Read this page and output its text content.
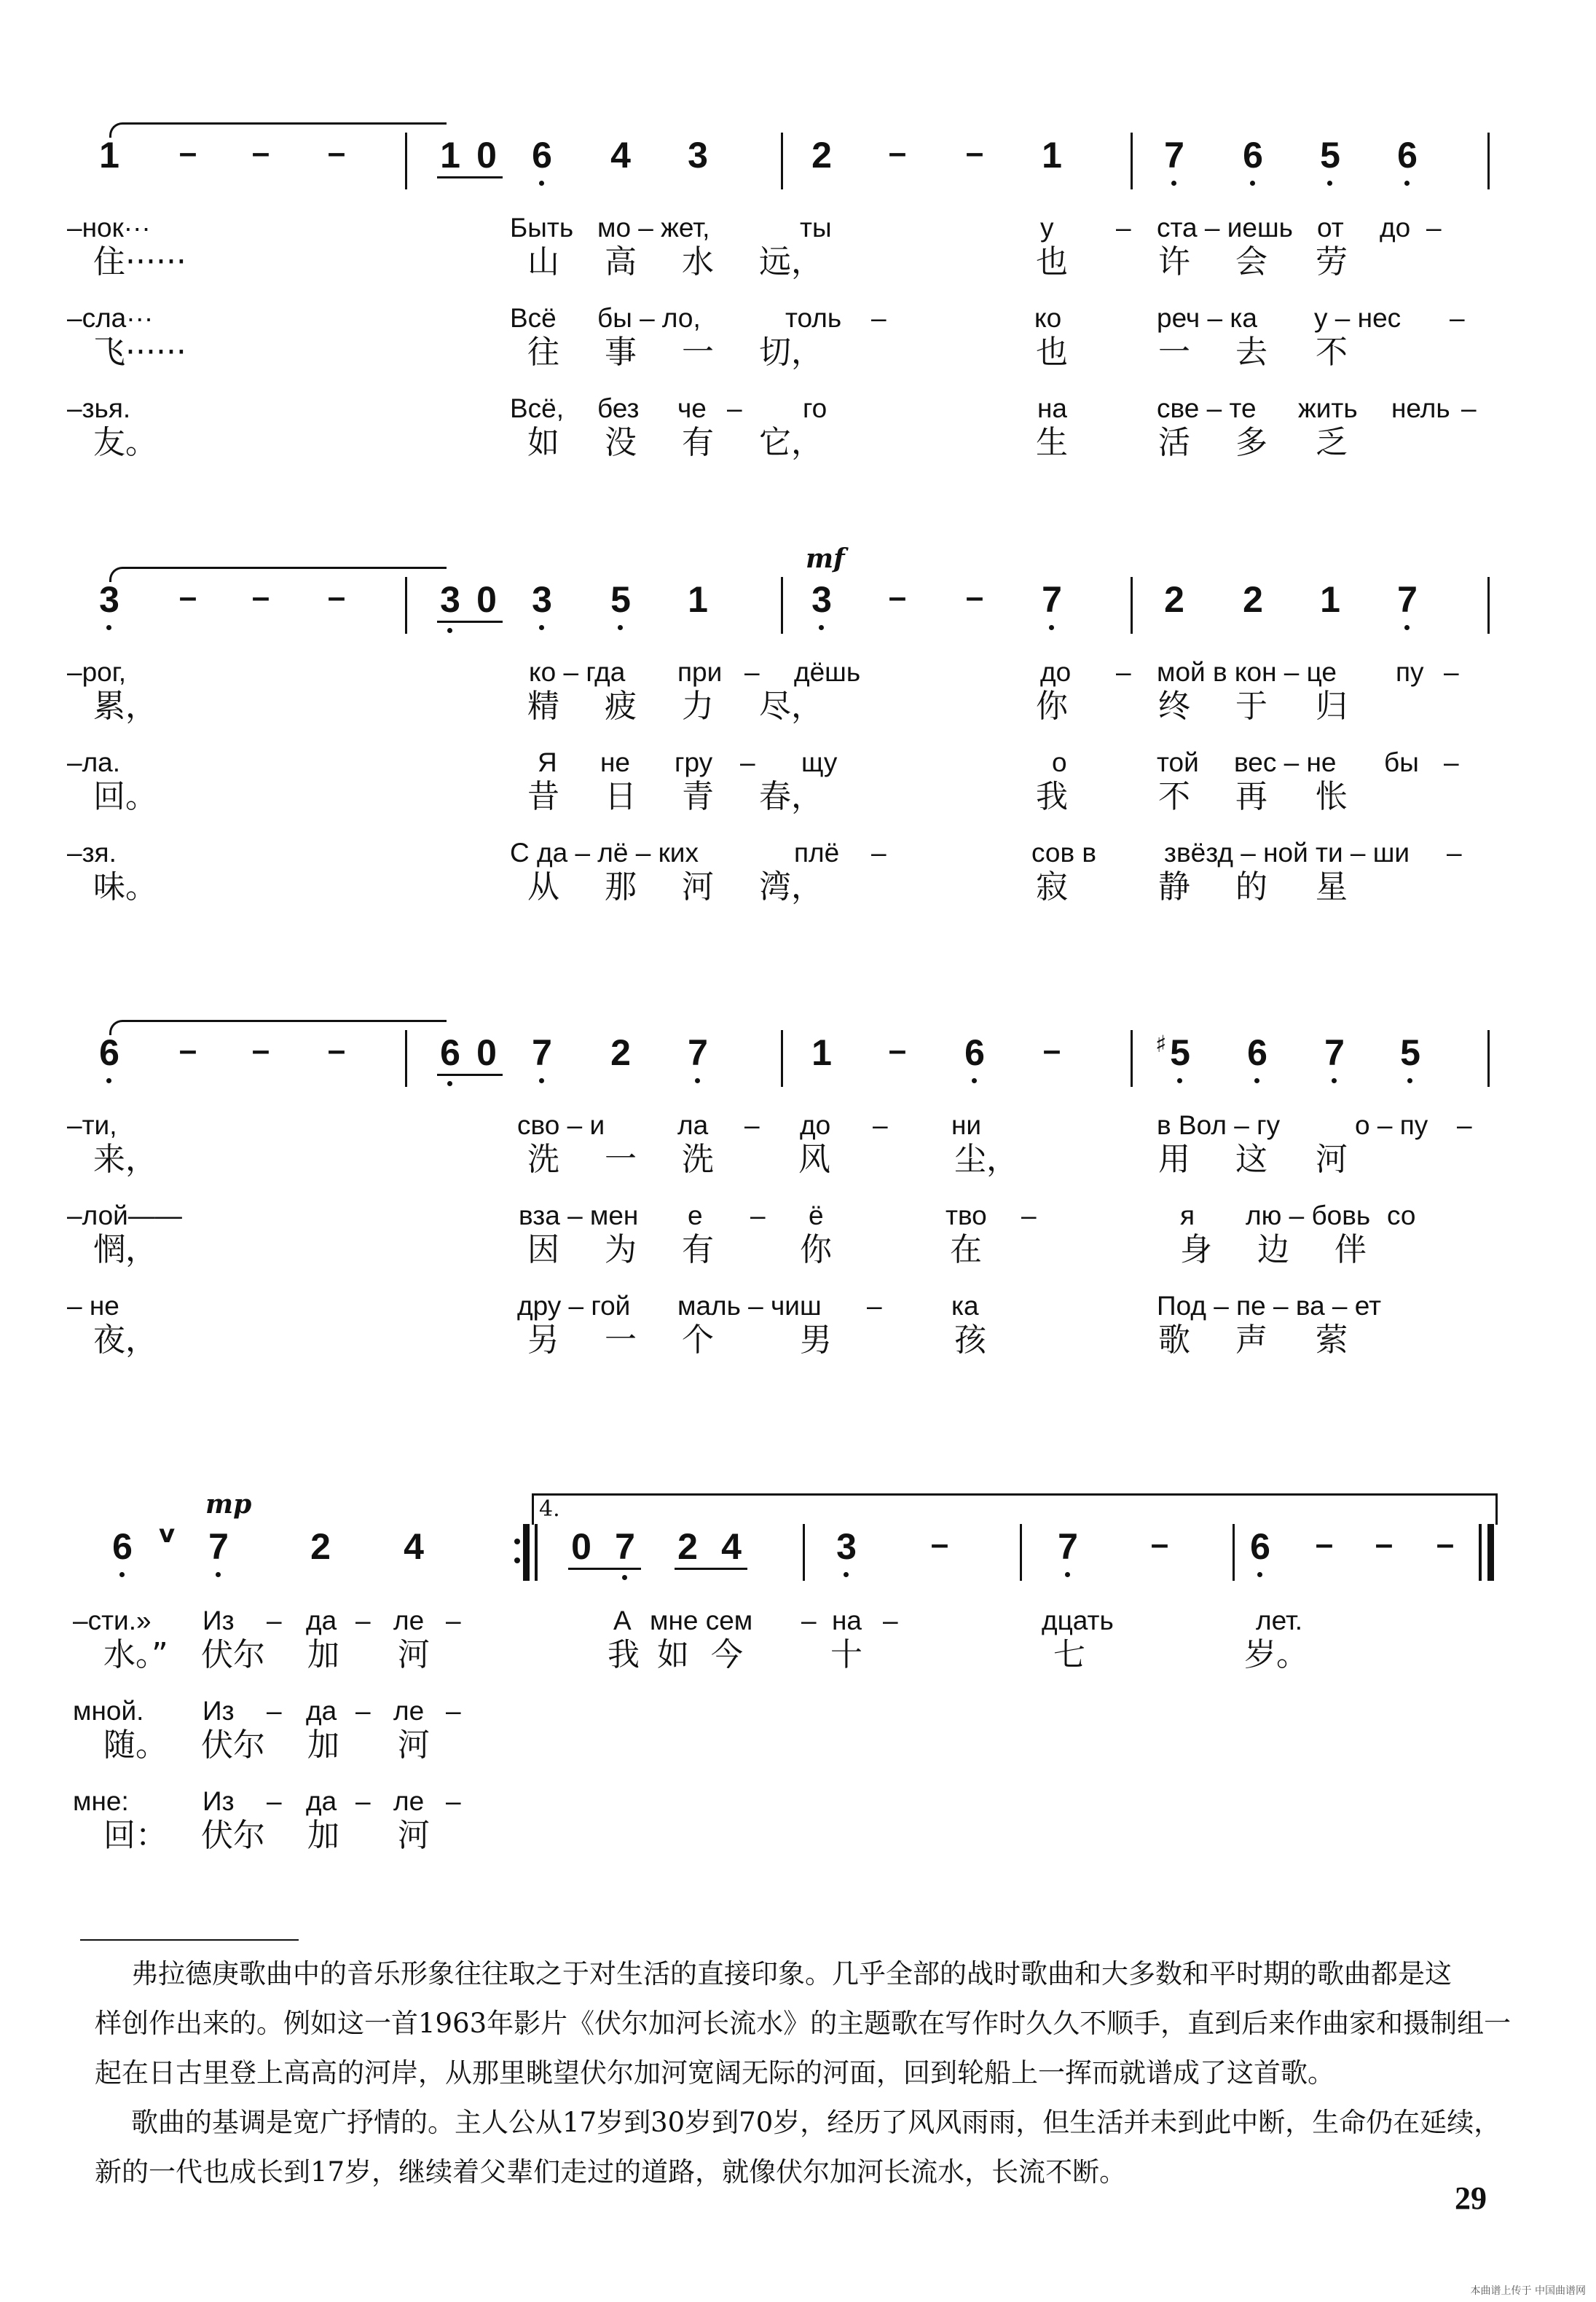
1 – – –	1 0 6 4 3	2 – – 1	7 6 5 6
–нок···	Быть мо – жет,	ты	у – ста – иешь от до –
住······	山 高 水 远，	也	许 会 劳
–сла···	Всё бы – ло,	толь –	ко	реч – ка у – нес –
飞······	往 事 一 切，	也	一 去 不
–зья.	Всё, без че – го	на	све – те жить нель –
友。	如 没 有 它，	生	活 多 乏
mf
3 – – –	3 0 3 5 1	3 – – 7	2 2 1 7
–рог,	ко – гда при – дёшь	до – мой в кон – це пу –
累，	精 疲 力 尽，	你	终 于 归
–ла.	Я не гру – щу	о	той вес – не бы –
回。	昔 日 青 春，	我	不 再 怅
–зя.	С да – лё – ких	плё –	сов в	звёзд – ной ти – ши –
味。	从 那 河 湾，	寂	静 的 星
6 – – –	6 0 7 2 7	1 – 6 –	♯ 5 6 7 5
–ти,	сво – и	ла – до – ни	в Вол – гу	о – пу –
来，	洗 一 洗	风	尘，	用 这 河
–лой——	вза – мен е – ё	тво –	я лю – бовь со
惘，	因 为 有	你	在	身 边 伴
– не	дру – гой маль – чиш –	ка	Под – пе – ва – ет
夜，	另 一 个	男	孩	歌 声 萦
mp	4.
6 v 7 2 4	0 7 2 4	3 –	7 – 6 – – –
–сти.» Из – да – ле –	А мне сем – на –	дцать	лет.
水。” 伏尔 加 河	我 如 今	十	七	岁。
мной. Из – да – ле –
随。 伏尔 加 河
мне:	Из – да – ле –
回： 伏尔 加 河
弗拉德庚歌曲中的音乐形象往往取之于对生活的直接印象。几乎全部的战时歌曲和大多数和平时期的歌曲都是这
样创作出来的。例如这一首1963年影片《伏尔加河长流水》的主题歌在写作时久久不顺手，直到后来作曲家和摄制组一
起在日古里登上高高的河岸，从那里眺望伏尔加河宽阔无际的河面，回到轮船上一挥而就谱成了这首歌。
歌曲的基调是宽广抒情的。主人公从17岁到30岁到70岁，经历了风风雨雨，但生活并未到此中断，生命仍在延续，
新的一代也成长到17岁，继续着父辈们走过的道路，就像伏尔加河长流水，长流不断。
29
本曲谱上传于 中国曲谱网
